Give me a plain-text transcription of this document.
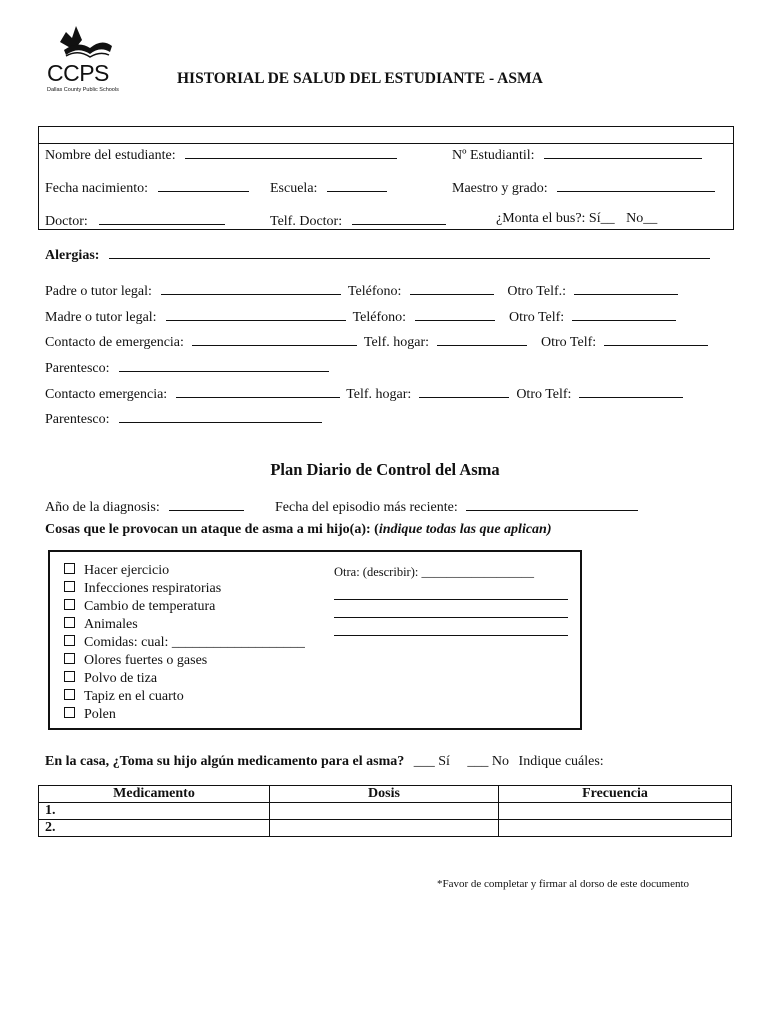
CCPS
Dallas County Public Schools
HISTORIAL DE SALUD DEL ESTUDIANTE - ASMA
Nombre del estudiante:	Nº Estudiantil:
Fecha nacimiento:	Escuela:	Maestro y grado:
Doctor:	Telf. Doctor:	¿Monta el bus?: Sí__ No__
Alergias:
Padre o tutor legal:	Teléfono:	Otro Telf.:
Madre o tutor legal:	Teléfono:	Otro Telf:
Contacto de emergencia:	Telf. hogar:	Otro Telf:
Parentesco:
Contacto emergencia:	Telf. hogar:	Otro Telf:
Parentesco:
Plan Diario de Control del Asma
Año de la diagnosis:	Fecha del episodio más reciente:
Cosas que le provocan un ataque de asma a mi hijo(a): (indique todas las que aplican)
Hacer ejercicio
Infecciones respiratorias
Cambio de temperatura
Animales
Comidas: cual: ___________________
Olores fuertes o gases
Polvo de tiza
Tapiz en el cuarto
Polen
Otra: (describir): __________________
En la casa, ¿Toma su hijo algún medicamento para el asma? ___ Sí ___ No Indique cuáles:
Medicamento	Dosis	Frecuencia
1.		
2.		
*Favor de completar y firmar al dorso de este documento
